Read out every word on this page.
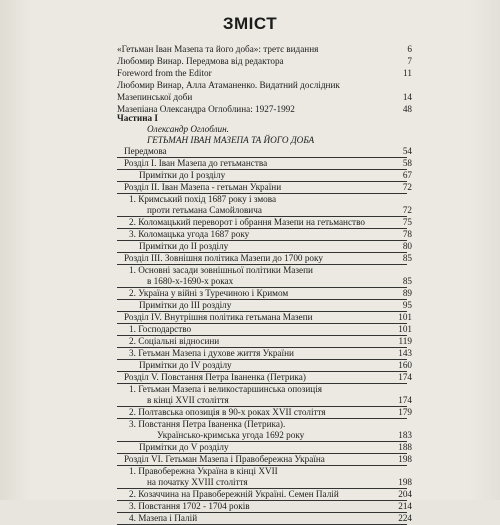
ЗМІСТ
«Гетьман Іван Мазепа та його доба»: третє видання	6
Любомир Винар. Передмова від редактора	7
Foreword from the Editor	11
Любомир Винар, Алла Атаманенко. Видатний дослідник
Мазепинської доби	14
Мазепіана Олександра Оглоблина: 1927-1992	48
Частина І
Олександр Оглоблин.
ГЕТЬМАН ІВАН МАЗЕПА ТА ЙОГО ДОБА
Передмова	54
Розділ І. Іван Мазепа до гетьманства	58
Примітки до І розділу	67
Розділ II. Іван Мазепа - гетьман України	72
1. Кримський похід 1687 року і змова
проти гетьмана Самойловича	72
2. Коломацький переворот і обрання Мазепи на гетьманство	75
3. Коломацька угода 1687 року	78
Примітки до II розділу	80
Розділ III. Зовнішня політика Мазепи до 1700 року	85
1. Основні засади зовнішньої політики Мазепи
в 1680-х-1690-х роках	85
2. Україна у війні з Туречиною і Кримом	89
Примітки до III розділу	95
Розділ IV. Внутрішня політика гетьмана Мазепи	101
1. Господарство	101
2. Соціальні відносини	119
3. Гетьман Мазепа і духове життя України	143
Примітки до IV розділу	160
Розділ V. Повстання Петра Іваненка (Петрика)	174
1. Гетьман Мазепа і великостаршинська опозиція
в кінці XVII століття	174
2. Полтавська опозиція в 90-х роках XVII століття	179
3. Повстання Петра Іваненка (Петрика).
Українсько-кримська угода 1692 року	183
Примітки до V розділу	188
Розділ VI. Гетьман Мазепа і Правобережна Україна	198
1. Правобережна Україна в кінці XVII
на початку XVIII століття	198
2. Козаччина на Правобережній Україні. Семен Палій	204
3. Повстання 1702 - 1704 років	214
4. Мазепа і Палій	224
